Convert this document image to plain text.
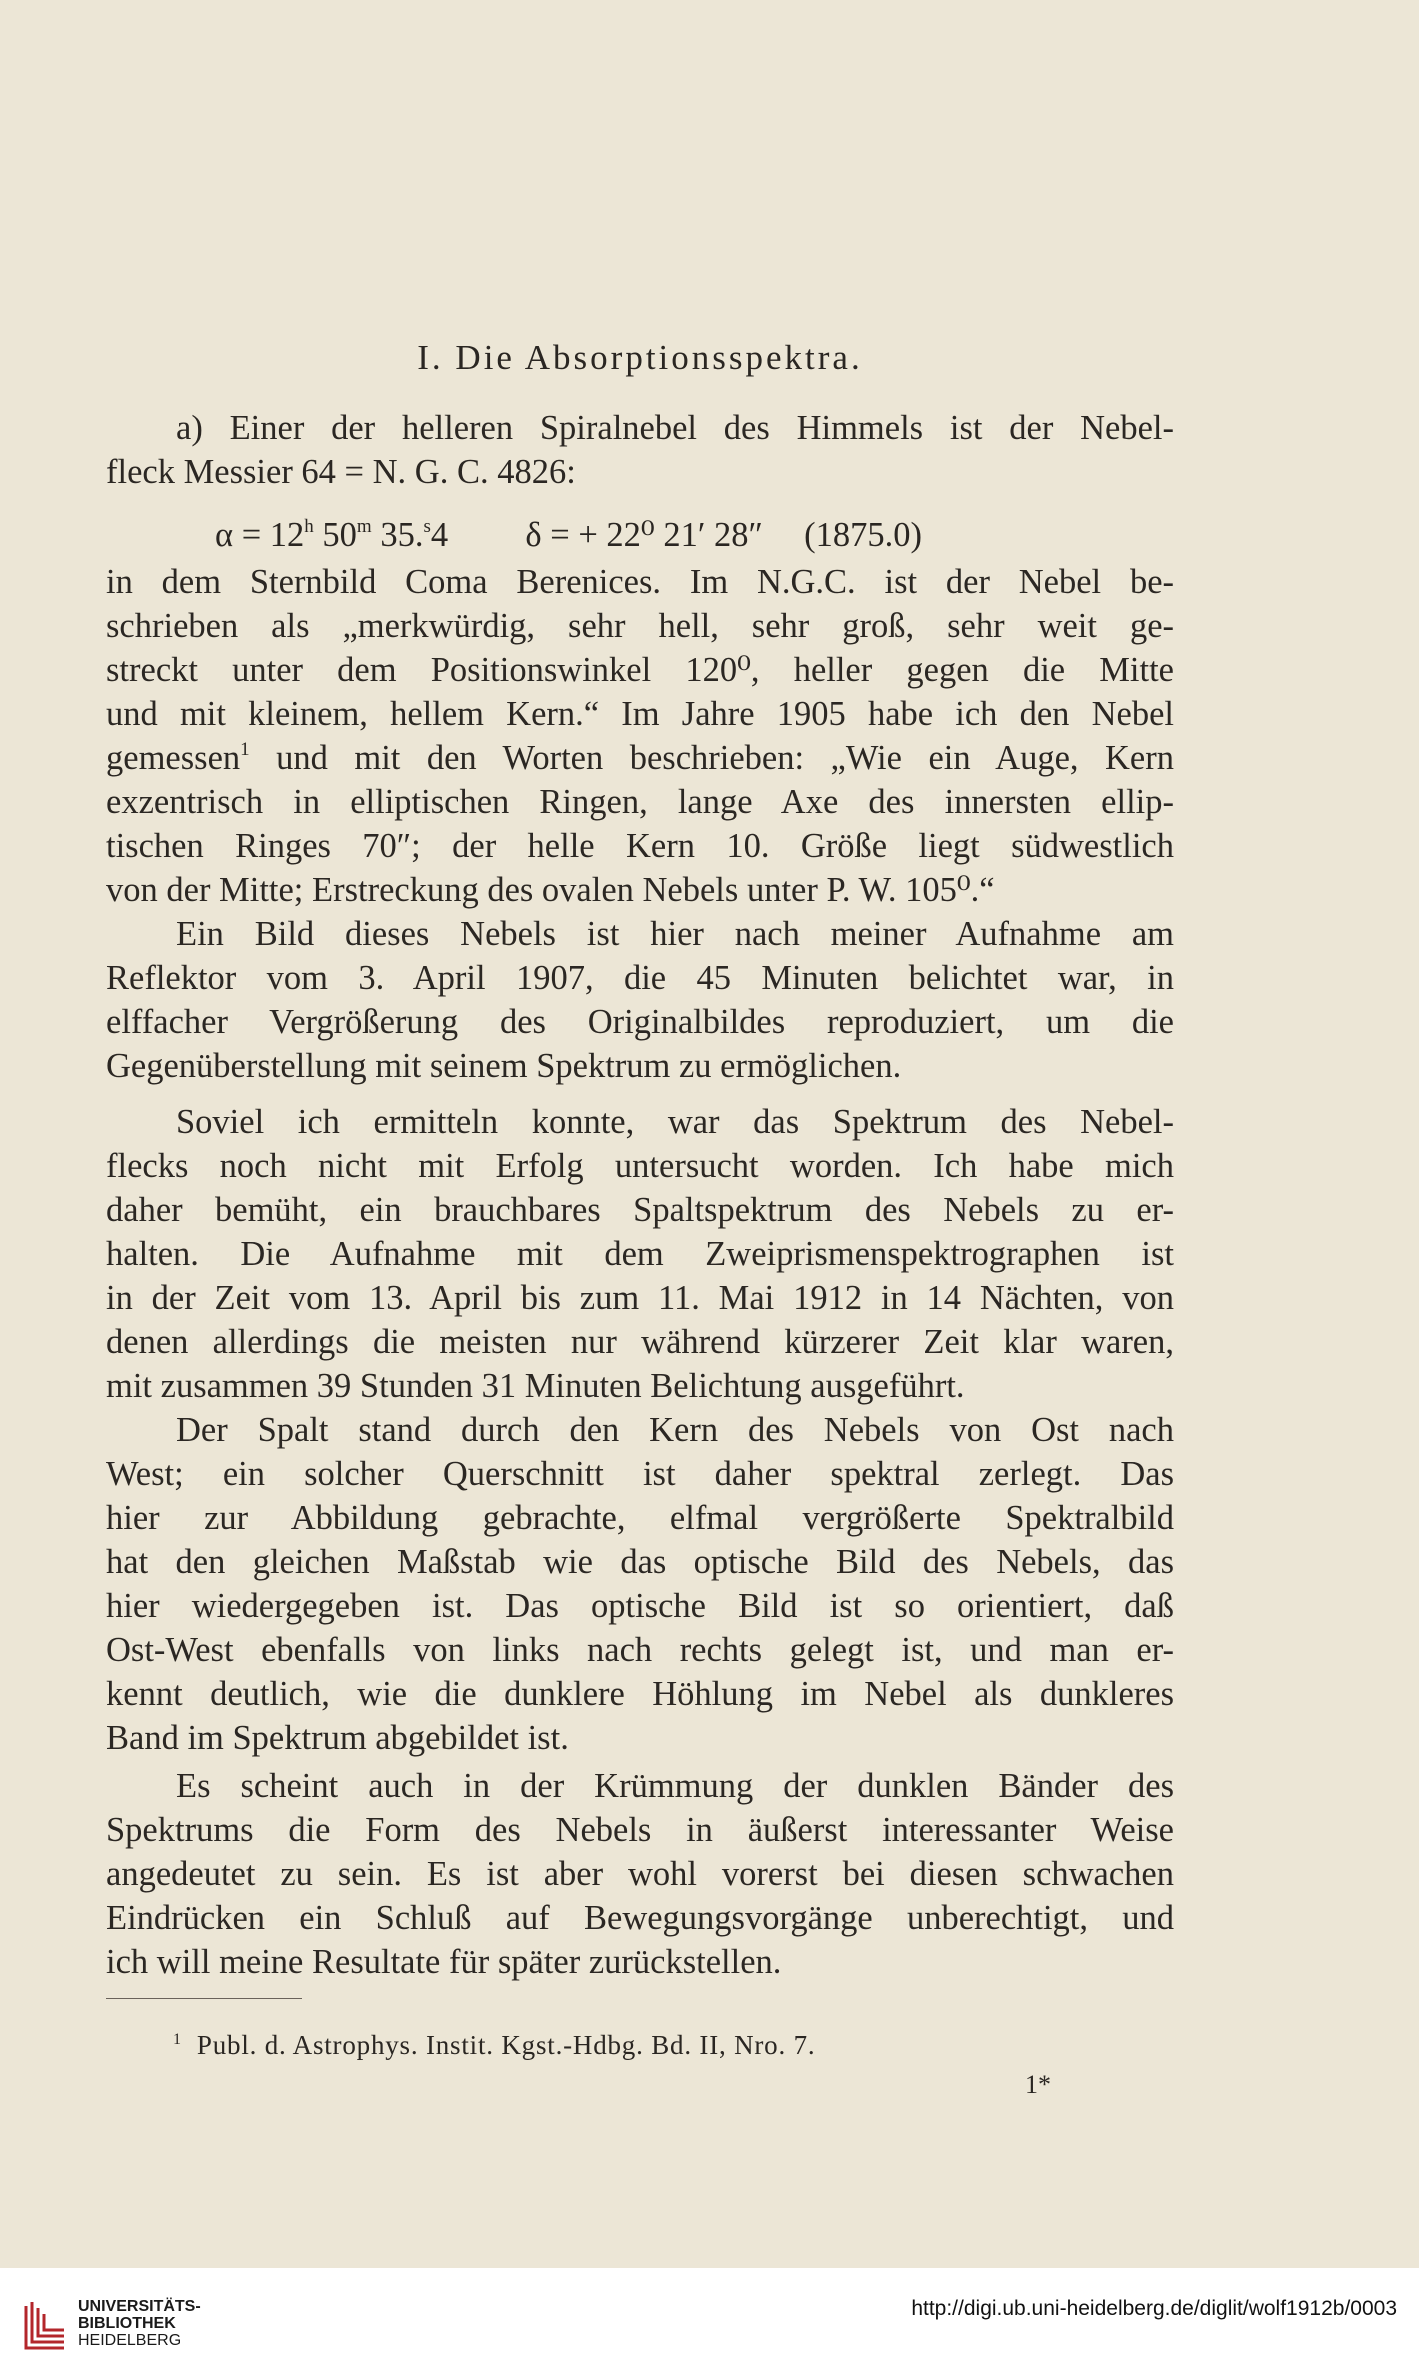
I. Die Absorptionsspektra.
a) Einer der helleren Spiralnebel des Himmels ist der Nebel-
fleck Messier 64 = N. G. C. 4826:
$\alpha = 12^h$ 50$^m$ 35.$^s$4 δ = + 22⁰ 21′ 28″ (1875.0)
in dem Sternbild Coma Berenices. Im N.G.C. ist der Nebel be-
schrieben als „merkwürdig, sehr hell, sehr groß, sehr weit ge-
streckt unter dem Positionswinkel 120⁰, heller gegen die Mitte
und mit kleinem, hellem Kern.“ Im Jahre 1905 habe ich den Nebel
gemessen$^1$ und mit den Worten beschrieben: „Wie ein Auge, Kern
exzentrisch in elliptischen Ringen, lange Axe des innersten ellip-
tischen Ringes 70″; der helle Kern 10. Größe liegt südwestlich
von der Mitte; Erstreckung des ovalen Nebels unter P. W. 105⁰.“
Ein Bild dieses Nebels ist hier nach meiner Aufnahme am
Reflektor vom 3. April 1907, die 45 Minuten belichtet war, in
elffacher Vergrößerung des Originalbildes reproduziert, um die
Gegenüberstellung mit seinem Spektrum zu ermöglichen.
Soviel ich ermitteln konnte, war das Spektrum des Nebel-
flecks noch nicht mit Erfolg untersucht worden. Ich habe mich
daher bemüht, ein brauchbares Spaltspektrum des Nebels zu er-
halten. Die Aufnahme mit dem Zweiprismenspektrographen ist
in der Zeit vom 13. April bis zum 11. Mai 1912 in 14 Nächten, von
denen allerdings die meisten nur während kürzerer Zeit klar waren,
mit zusammen 39 Stunden 31 Minuten Belichtung ausgeführt.
Der Spalt stand durch den Kern des Nebels von Ost nach
West; ein solcher Querschnitt ist daher spektral zerlegt. Das
hier zur Abbildung gebrachte, elfmal vergrößerte Spektralbild
hat den gleichen Maßstab wie das optische Bild des Nebels, das
hier wiedergegeben ist. Das optische Bild ist so orientiert, daß
Ost-West ebenfalls von links nach rechts gelegt ist, und man er-
kennt deutlich, wie die dunklere Höhlung im Nebel als dunkleres
Band im Spektrum abgebildet ist.
Es scheint auch in der Krümmung der dunklen Bänder des
Spektrums die Form des Nebels in äußerst interessanter Weise
angedeutet zu sein. Es ist aber wohl vorerst bei diesen schwachen
Eindrücken ein Schluß auf Bewegungsvorgänge unberechtigt, und
ich will meine Resultate für später zurückstellen.
$^1$ Publ. d. Astrophys. Instit. Kgst.-Hdbg. Bd. II, Nro. 7.
1*
UNIVERSITÄTS-
BIBLIOTHEK
HEIDELBERG
http://digi.ub.uni-heidelberg.de/diglit/wolf1912b/0003
